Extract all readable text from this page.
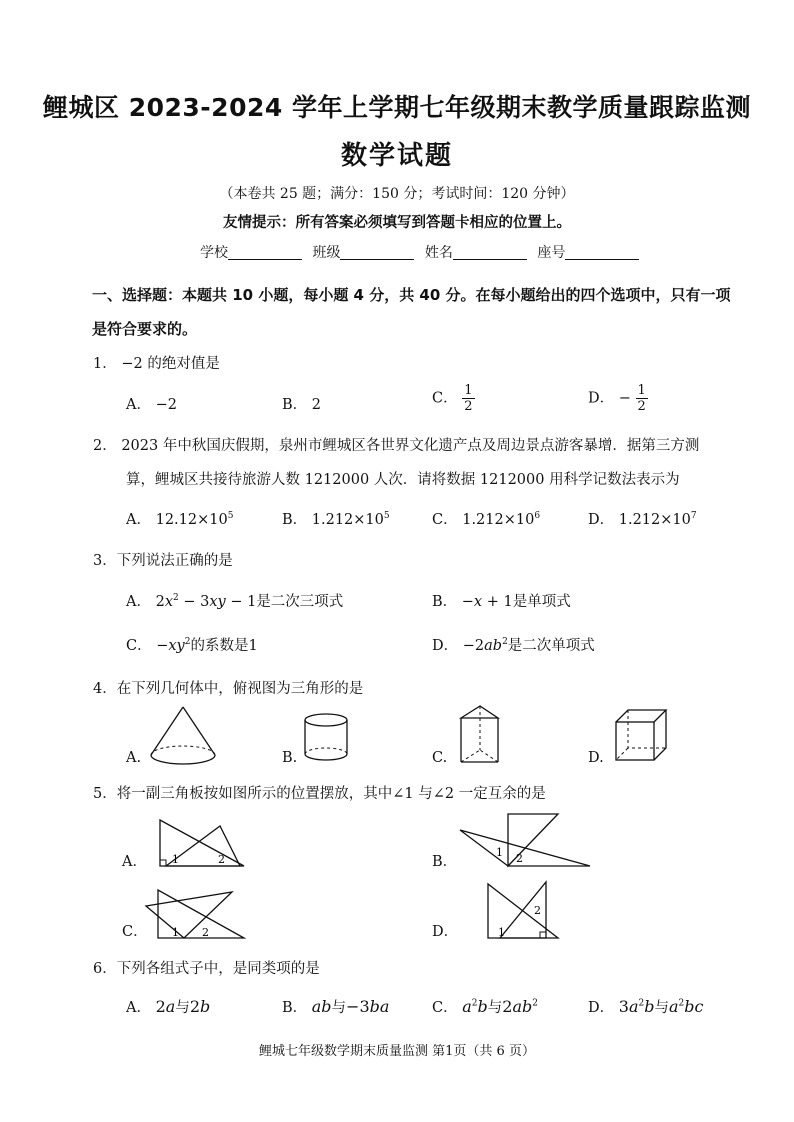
鲤城区 2023-2024 学年上学期七年级期末教学质量跟踪监测
数学试题
（本卷共 25 题；满分：150 分；考试时间：120 分钟）
友情提示：所有答案必须填写到答题卡相应的位置上。
学校	班级	姓名	座号
一、选择题：本题共 10 小题，每小题 4 分，共 40 分。在每小题给出的四个选项中，只有一项
是符合要求的。
1． −2 的绝对值是
A． −2	B． 2	C． $\frac{1}{2}$	D． − $\frac{1}{2}$
2． 2023 年中秋国庆假期，泉州市鲤城区各世界文化遗产点及周边景点游客暴增．据第三方测
算，鲤城区共接待旅游人数 1212000 人次．请将数据 1212000 用科学记数法表示为
A． $12.12\times 10^5$	B． $1.212\times 10^5$	C． $1.212\times 10^6$	D． $1.212\times 10^7$
3．下列说法正确的是
A． $2x^2 - 3xy - 1$是二次三项式	B． −x + 1是单项式
C． $-xy^2$的系数是1	D． $-2ab^2$是二次单项式
4．在下列几何体中，俯视图为三角形的是
A.	B.	C.	D.
5．将一副三角板按如图所示的位置摆放，其中∠1 与∠2 一定互余的是
A．	B．
C．	D．
1	2
1 2
1 2	1
2
6．下列各组式子中，是同类项的是
A． 2a与2b	B． ab与−3ba	C． $a^2b$与$2ab^2$	D． $3a^2b$与$a^2bc$
鲤城七年级数学期末质量监测 第1页（共 6 页）
